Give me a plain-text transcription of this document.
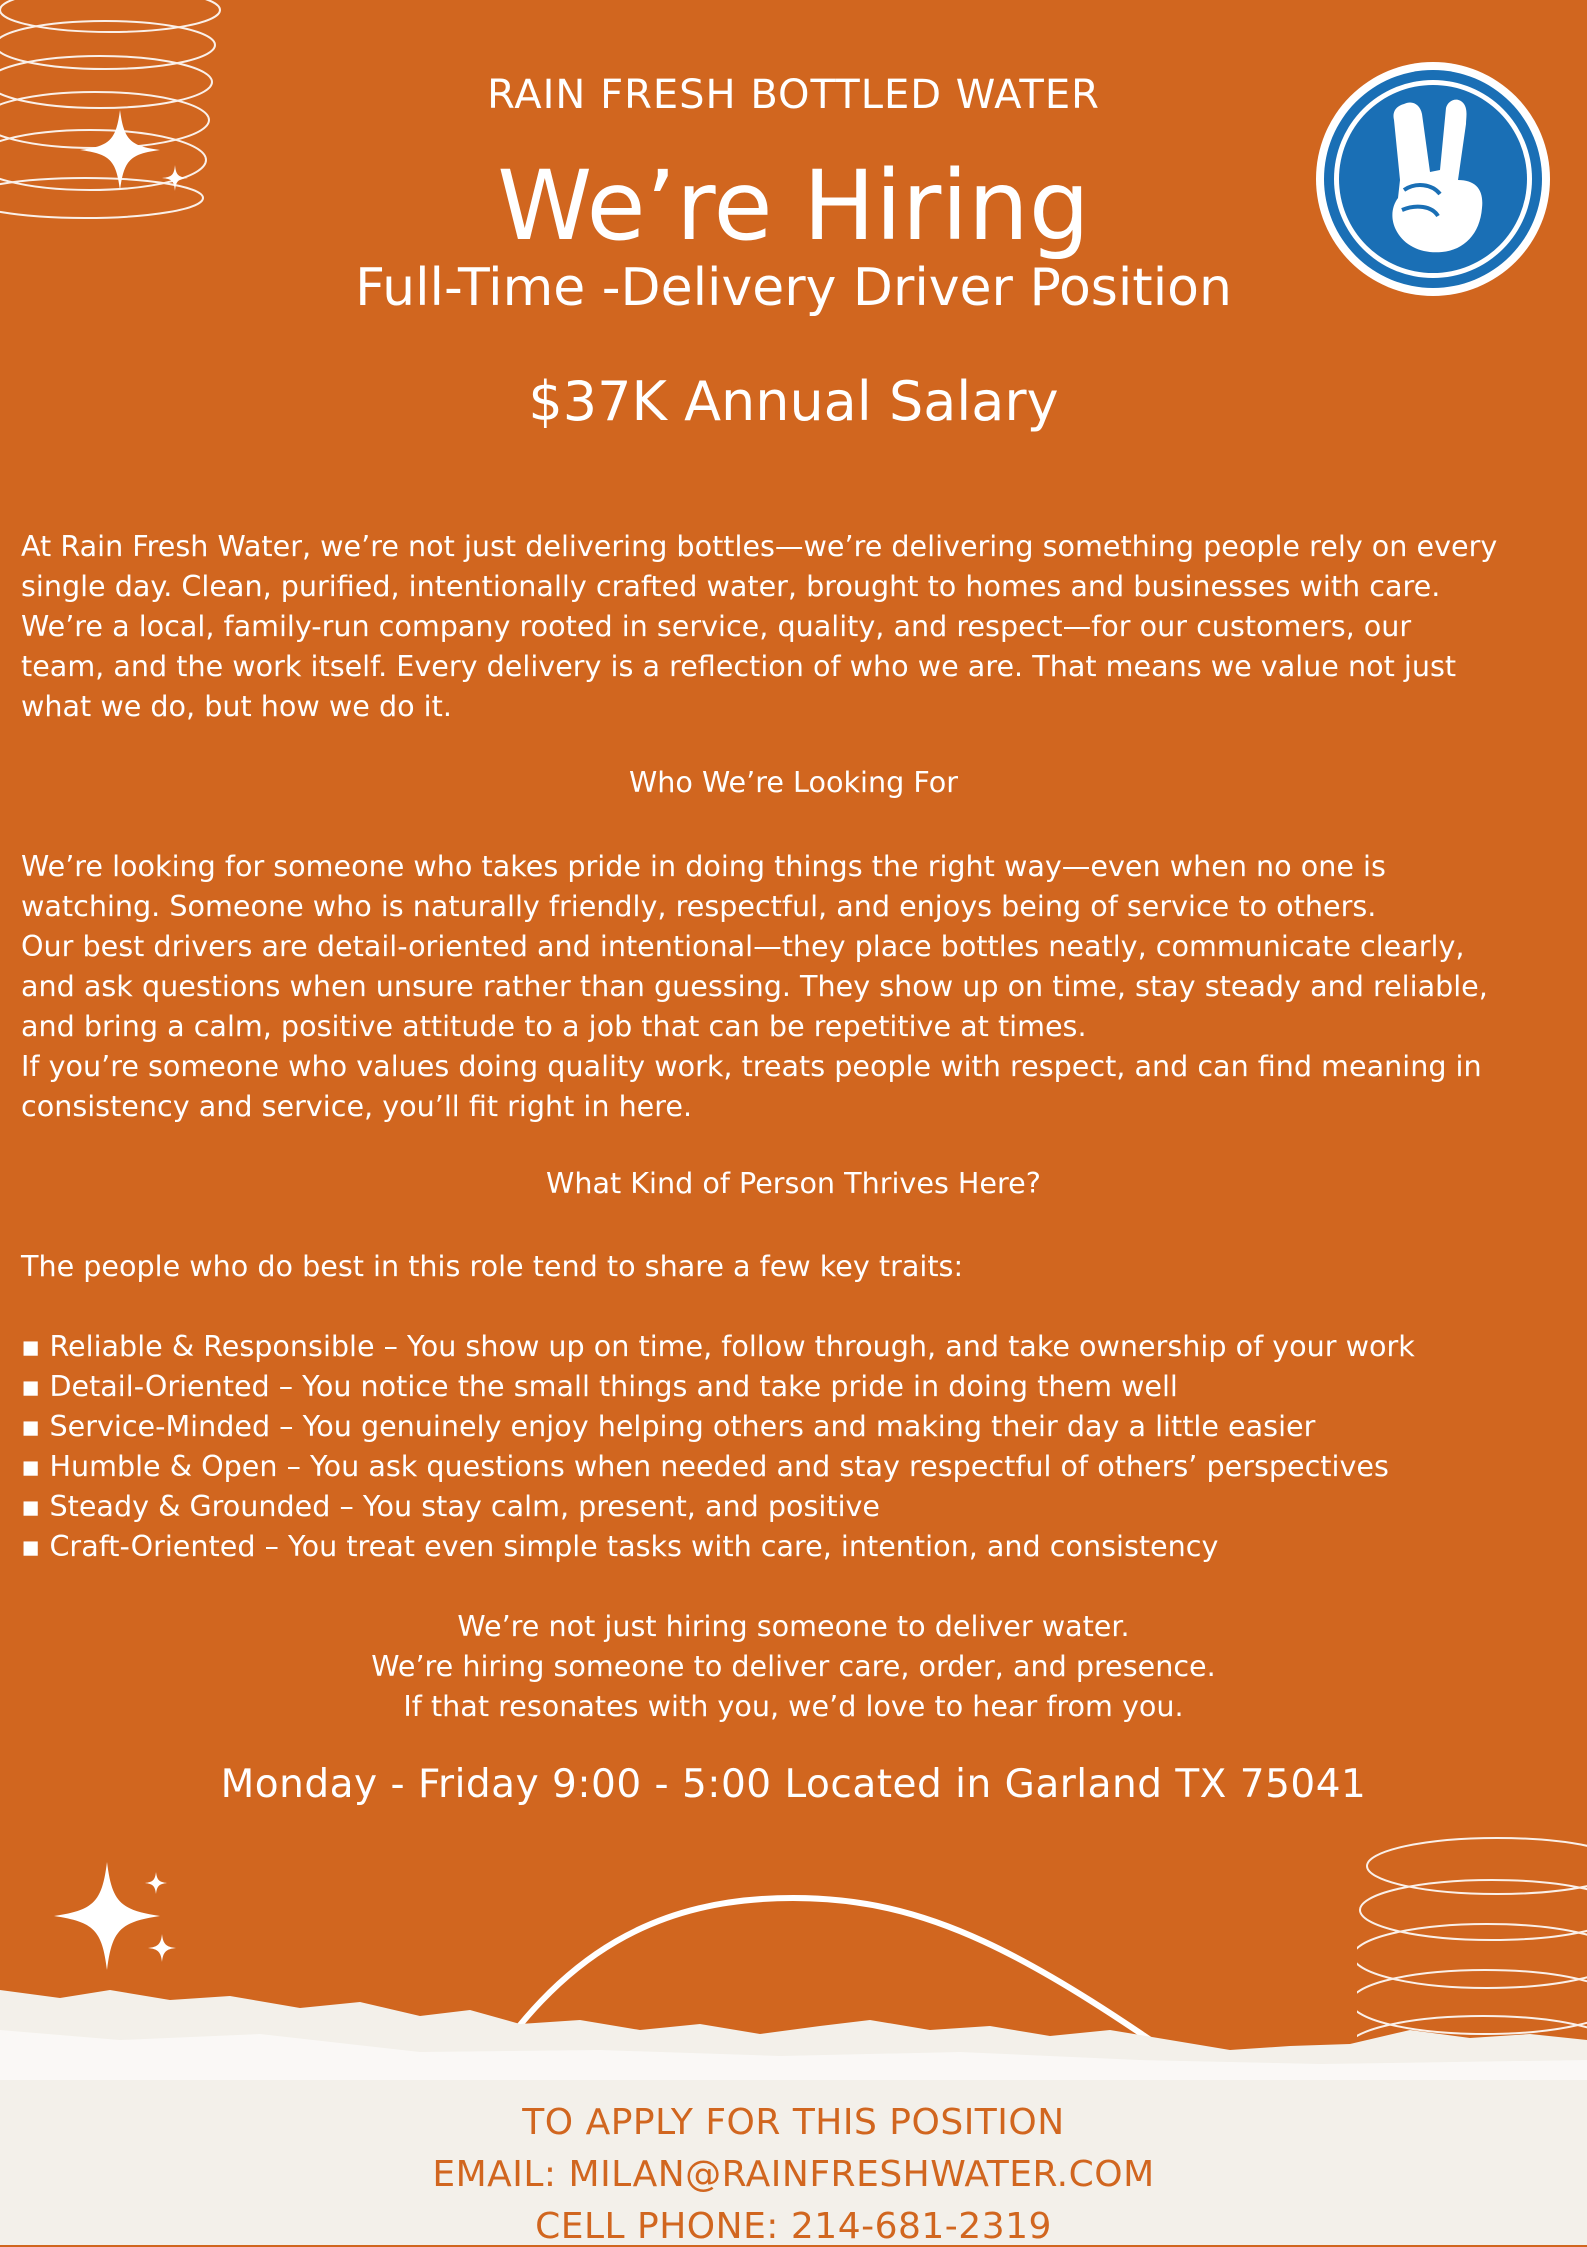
RAIN FRESH BOTTLED WATER
We’re Hiring
Full-Time -Delivery Driver Position
$37K Annual Salary
At Rain Fresh Water, we’re not just delivering bottles—we’re delivering something people rely on every
single day. Clean, purified, intentionally crafted water, brought to homes and businesses with care.
We’re a local, family-run company rooted in service, quality, and respect—for our customers, our
team, and the work itself. Every delivery is a reflection of who we are. That means we value not just
what we do, but how we do it.
Who We’re Looking For
We’re looking for someone who takes pride in doing things the right way—even when no one is
watching. Someone who is naturally friendly, respectful, and enjoys being of service to others.
Our best drivers are detail-oriented and intentional—they place bottles neatly, communicate clearly,
and ask questions when unsure rather than guessing. They show up on time, stay steady and reliable,
and bring a calm, positive attitude to a job that can be repetitive at times.
If you’re someone who values doing quality work, treats people with respect, and can find meaning in
consistency and service, you’ll fit right in here.
What Kind of Person Thrives Here?
The people who do best in this role tend to share a few key traits:
▪ Reliable & Responsible – You show up on time, follow through, and take ownership of your work
▪ Detail-Oriented – You notice the small things and take pride in doing them well
▪ Service-Minded – You genuinely enjoy helping others and making their day a little easier
▪ Humble & Open – You ask questions when needed and stay respectful of others’ perspectives
▪ Steady & Grounded – You stay calm, present, and positive
▪ Craft-Oriented – You treat even simple tasks with care, intention, and consistency
We’re not just hiring someone to deliver water.
We’re hiring someone to deliver care, order, and presence.
If that resonates with you, we’d love to hear from you.
Monday - Friday 9:00 - 5:00 Located in Garland TX 75041
TO APPLY FOR THIS POSITION
EMAIL: MILAN@RAINFRESHWATER.COM
CELL PHONE: 214-681-2319
